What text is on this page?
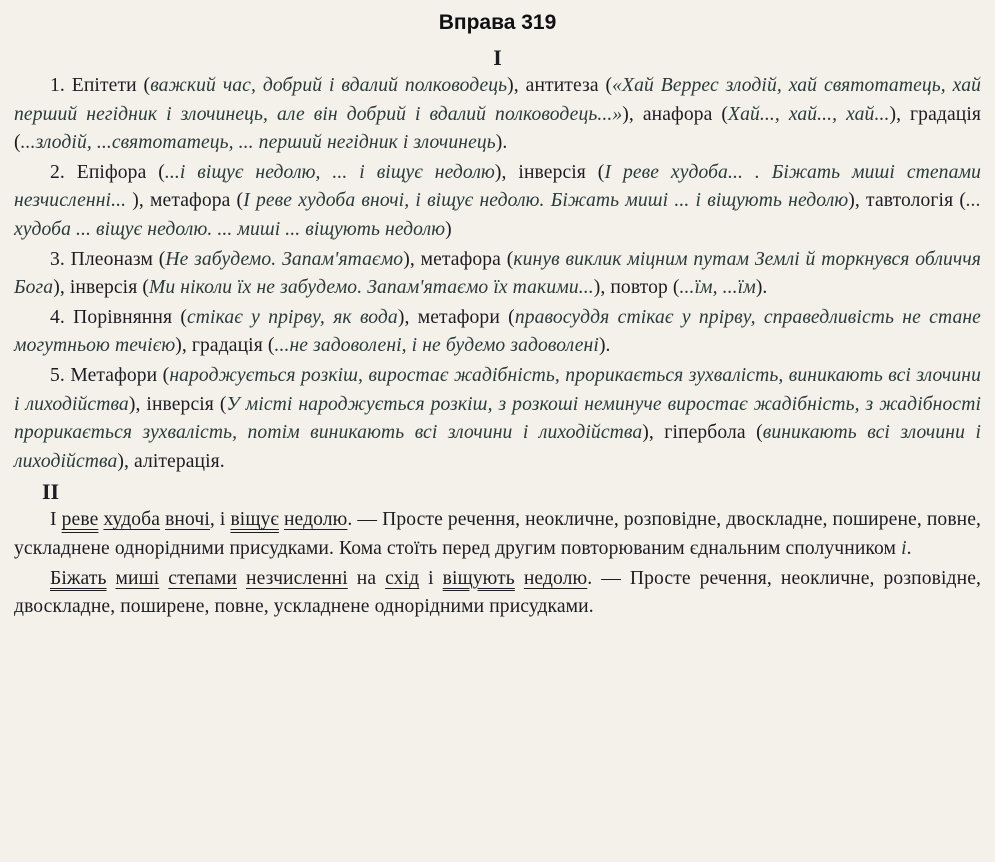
Вправа 319
I

1. Епітети (важкий час, добрий і вдалий полководець), антитеза («Хай Веррес злодій, хай святотатець, хай перший негідник і злочинець, але він добрий і вдалий полководець...»), анафора (Хай..., хай..., хай...), градація (...злодій, ...святотатець, ... перший негідник і злочинець).

2. Епіфора (...і віщує недолю, ... і віщує недолю), інверсія (І реве худоба... . Біжать миші степами незчисленні... ), метафора (І реве худоба вночі, і віщує недолю. Біжать миші ... і віщують недолю), тавтологія (... худоба ... віщує недолю. ... миші ... віщують недолю)

3. Плеоназм (Не забудемо. Запам'ятаємо), метафора (кинув виклик міцним путам Землі й торкнувся обличчя Бога), інверсія (Ми ніколи їх не забудемо. Запам'ятаємо їх такими...), повтор (...їм, ...їм).

4. Порівняння (стікає у прірву, як вода), метафори (правосуддя стікає у прірву, справедливість не стане могутньою течією), градація (...не задоволені, і не будемо задоволені).

5. Метафори (народжується розкіш, виростає жадібність, прорикається зухвалість, виникають всі злочини і лиходійства), інверсія (У місті народжується розкіш, з розкоші неминуче виростає жадібність, з жадібності прорикається зухвалість, потім виникають всі злочини і лиходійства), гіпербола (виникають всі злочини і лиходійства), алітерація.

II

І реве худоба вночі, і віщує недолю. — Просте речення, неокличне, розповідне, двоскладне, поширене, повне, ускладнене однорідними присудками. Кома стоїть перед другим повторюваним єднальним сполучником і.

Біжать миші степами незчисленні на схід і віщують недолю. — Просте речення, неокличне, розповідне, двоскладне, поширене, повне, ускладнене однорідними присудками.
